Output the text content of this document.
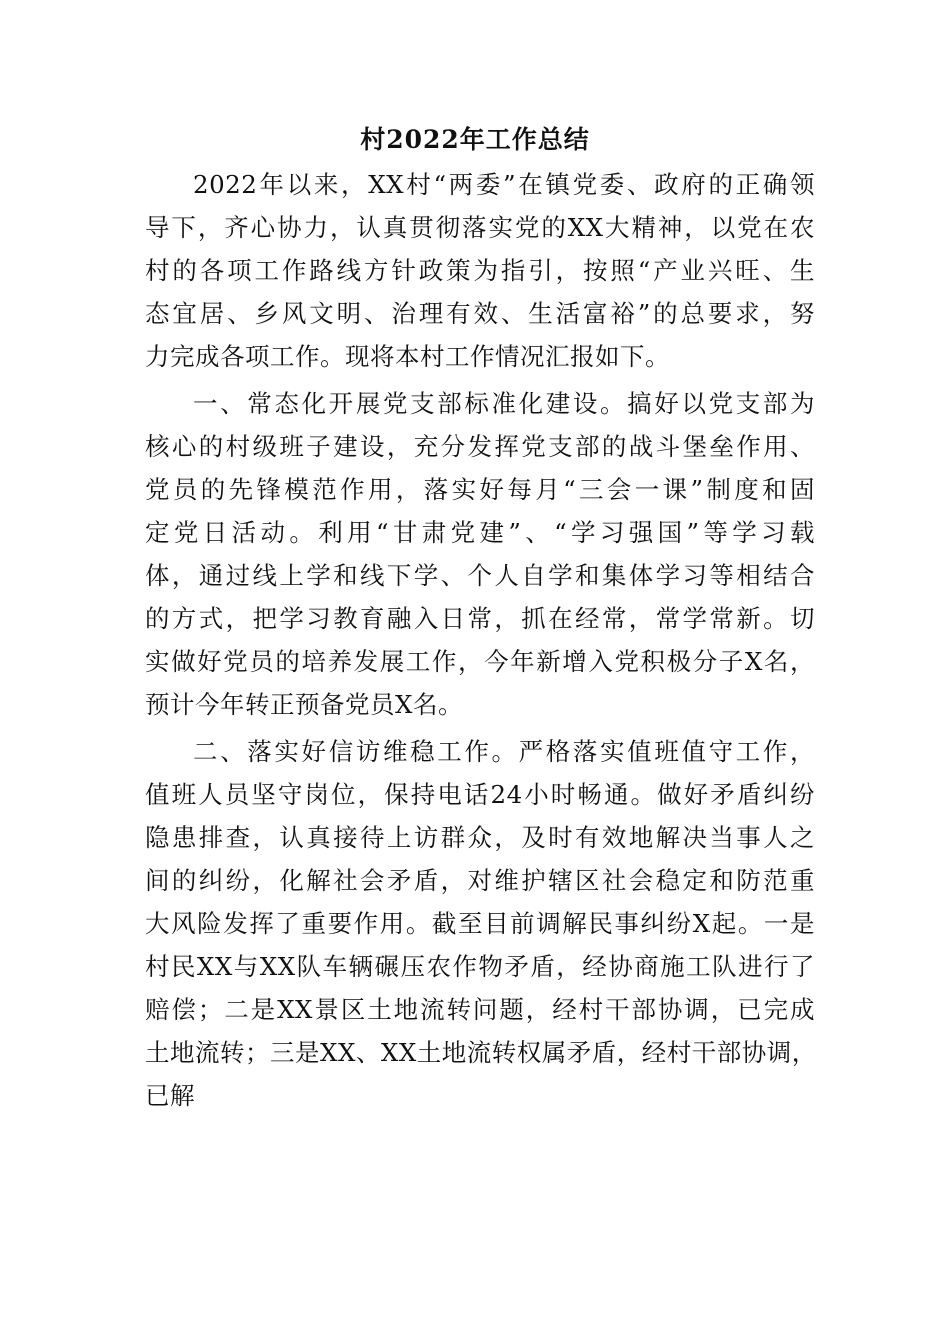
村2022年工作总结
2022年以来，XX村“两委”在镇党委、政府的正确领
导下，齐心协力，认真贯彻落实党的XX大精神，以党在农
村的各项工作路线方针政策为指引，按照“产业兴旺、生
态宜居、乡风文明、治理有效、生活富裕”的总要求，努
力完成各项工作。现将本村工作情况汇报如下。
一、常态化开展党支部标准化建设。搞好以党支部为
核心的村级班子建设，充分发挥党支部的战斗堡垒作用、
党员的先锋模范作用，落实好每月“三会一课”制度和固
定党日活动。利用“甘肃党建”、“学习强国”等学习载
体，通过线上学和线下学、个人自学和集体学习等相结合
的方式，把学习教育融入日常，抓在经常，常学常新。切
实做好党员的培养发展工作，今年新增入党积极分子X名，
预计今年转正预备党员X名。
二、落实好信访维稳工作。严格落实值班值守工作，
值班人员坚守岗位，保持电话24小时畅通。做好矛盾纠纷
隐患排查，认真接待上访群众，及时有效地解决当事人之
间的纠纷，化解社会矛盾，对维护辖区社会稳定和防范重
大风险发挥了重要作用。截至目前调解民事纠纷X起。一是
村民XX与XX队车辆碾压农作物矛盾，经协商施工队进行了
赔偿；二是XX景区土地流转问题，经村干部协调，已完成
土地流转；三是XX、XX土地流转权属矛盾，经村干部协调，
已解
